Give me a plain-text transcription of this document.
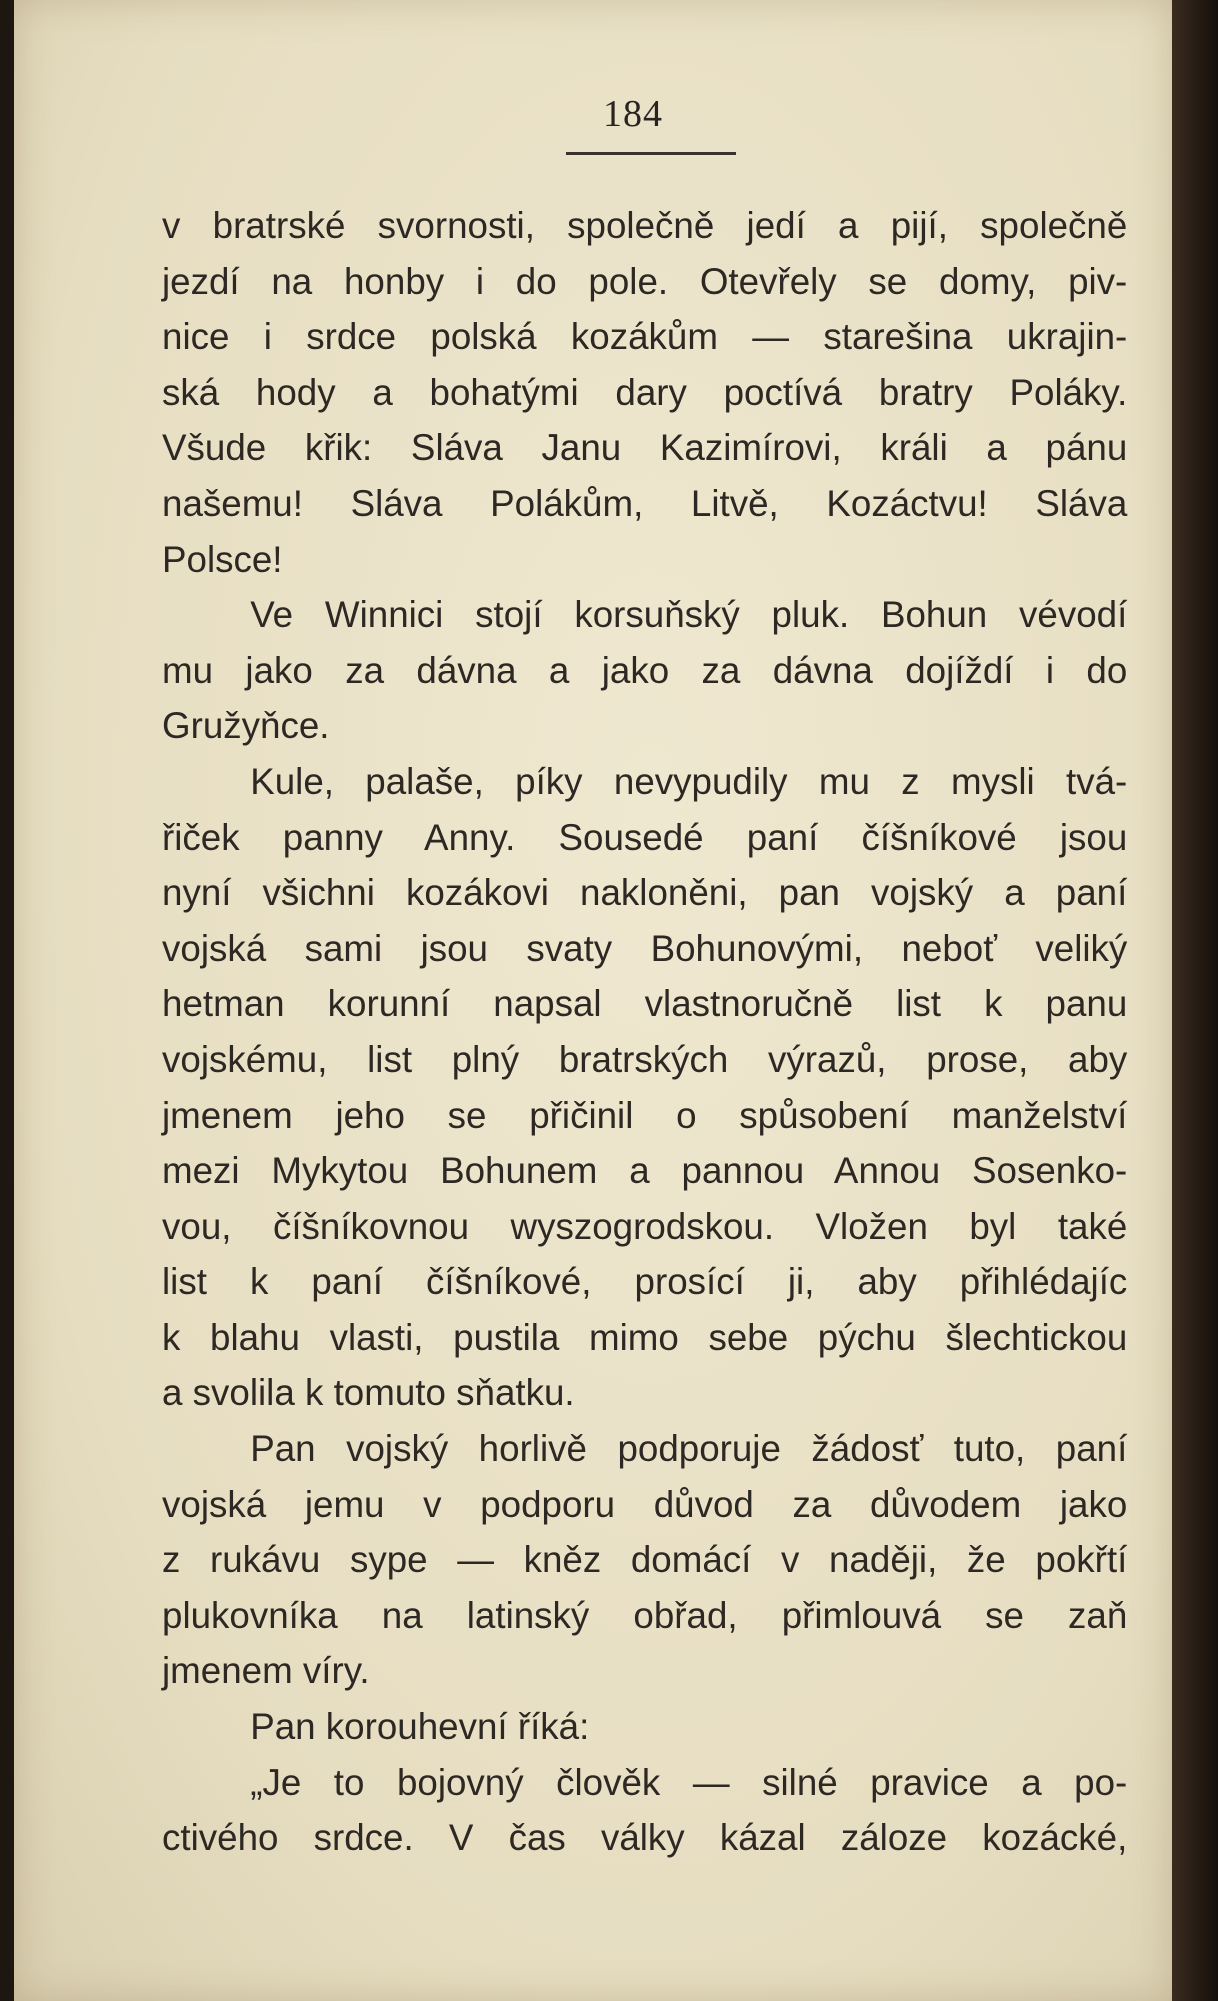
184
v bratrské svornosti, společně jedí a pijí, společně
jezdí na honby i do pole. Otevřely se domy, piv-
nice i srdce polská kozákům — starešina ukrajin-
ská hody a bohatými dary poctívá bratry Poláky.
Všude křik: Sláva Janu Kazimírovi, králi a pánu
našemu! Sláva Polákům, Litvě, Kozáctvu! Sláva
Polsce!
Ve Winnici stojí korsuňský pluk. Bohun vévodí
mu jako za dávna a jako za dávna dojíždí i do
Gružyňce.
Kule, palaše, píky nevypudily mu z mysli tvá-
řiček panny Anny. Sousedé paní číšníkové jsou
nyní všichni kozákovi nakloněni, pan vojský a paní
vojská sami jsou svaty Bohunovými, neboť veliký
hetman korunní napsal vlastnoručně list k panu
vojskému, list plný bratrských výrazů, prose, aby
jmenem jeho se přičinil o spůsobení manželství
mezi Mykytou Bohunem a pannou Annou Sosenko-
vou, číšníkovnou wyszogrodskou. Vložen byl také
list k paní číšníkové, prosící ji, aby přihlédajíc
k blahu vlasti, pustila mimo sebe pýchu šlechtickou
a svolila k tomuto sňatku.
Pan vojský horlivě podporuje žádosť tuto, paní
vojská jemu v podporu důvod za důvodem jako
z rukávu sype — kněz domácí v naději, že pokřtí
plukovníka na latinský obřad, přimlouvá se zaň
jmenem víry.
Pan korouhevní říká:
„Je to bojovný člověk — silné pravice a po-
ctivého srdce. V čas války kázal záloze kozácké,
